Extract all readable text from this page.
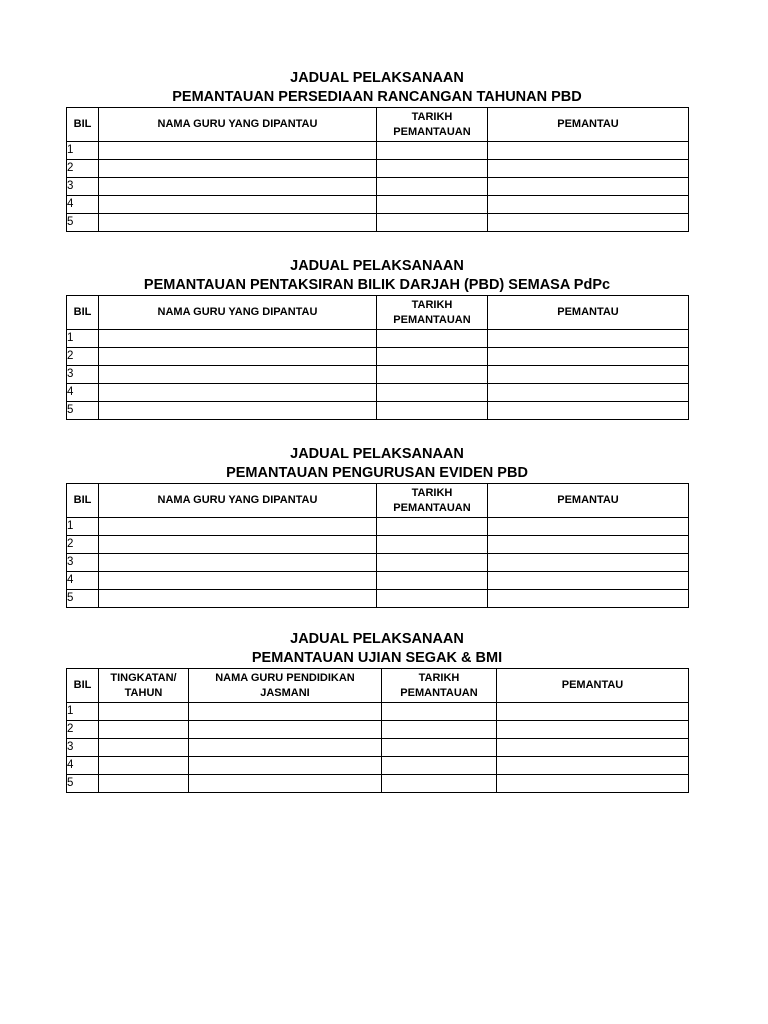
JADUAL PELAKSANAAN
PEMANTAUAN PERSEDIAAN RANCANGAN TAHUNAN PBD
BIL	NAMA GURU YANG DIPANTAU	TARIKH PEMANTAUAN	PEMANTAU
1			
2			
3			
4			
5			
JADUAL PELAKSANAAN
PEMANTAUAN PENTAKSIRAN BILIK DARJAH (PBD) SEMASA PdPc
BIL	NAMA GURU YANG DIPANTAU	TARIKH PEMANTAUAN	PEMANTAU
1			
2			
3			
4			
5			
JADUAL PELAKSANAAN
PEMANTAUAN PENGURUSAN EVIDEN PBD
BIL	NAMA GURU YANG DIPANTAU	TARIKH PEMANTAUAN	PEMANTAU
1			
2			
3			
4			
5			
JADUAL PELAKSANAAN
PEMANTAUAN UJIAN SEGAK & BMI
BIL	TINGKATAN/ TAHUN	NAMA GURU PENDIDIKAN JASMANI	TARIKH PEMANTAUAN	PEMANTAU
1				
2				
3				
4				
5				
